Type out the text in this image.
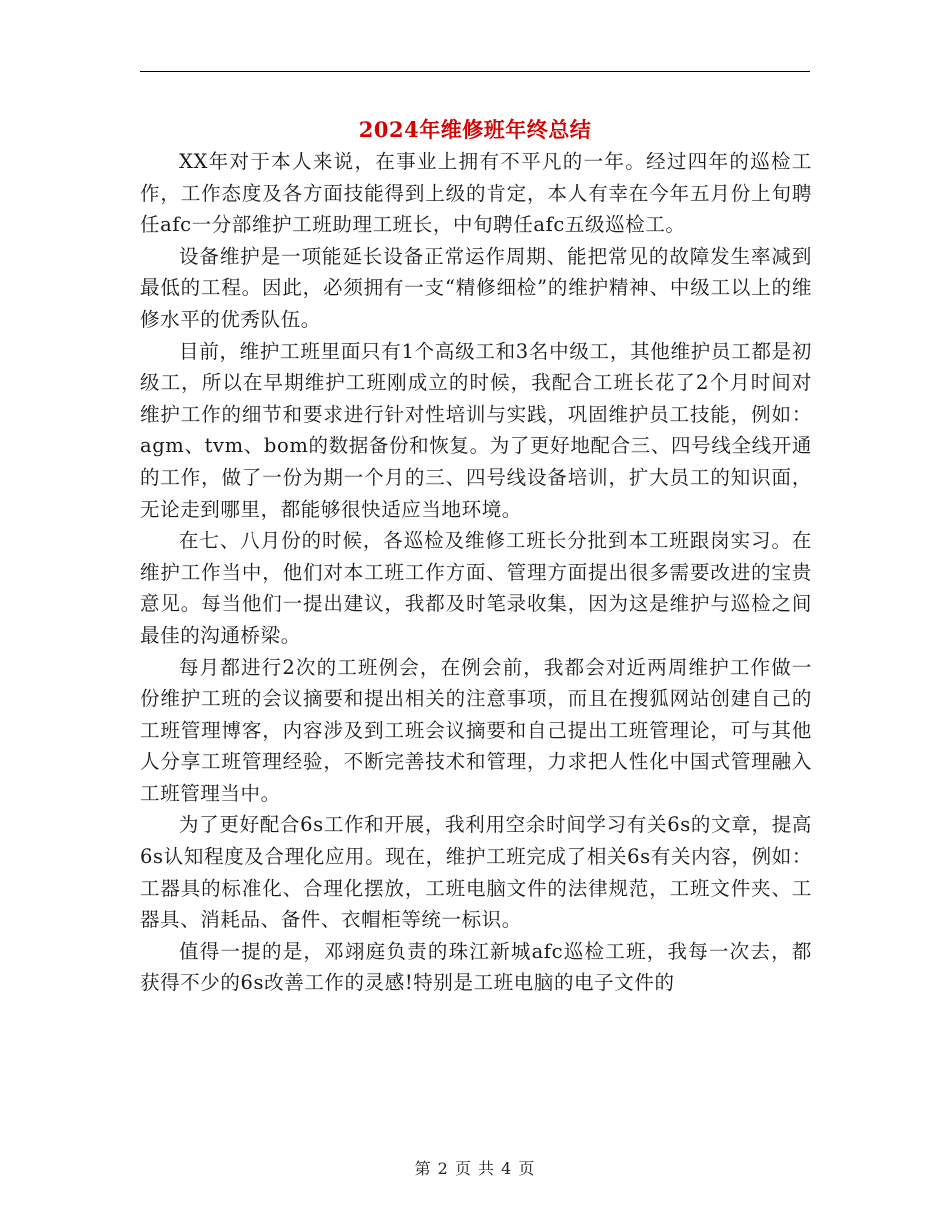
2024年维修班年终总结

XX年对于本人来说，在事业上拥有不平凡的一年。经过四年的巡检工作，工作态度及各方面技能得到上级的肯定，本人有幸在今年五月份上旬聘任afc一分部维护工班助理工班长，中旬聘任afc五级巡检工。

设备维护是一项能延长设备正常运作周期、能把常见的故障发生率减到最低的工程。因此，必须拥有一支“精修细检”的维护精神、中级工以上的维修水平的优秀队伍。

目前，维护工班里面只有1个高级工和3名中级工，其他维护员工都是初级工，所以在早期维护工班刚成立的时候，我配合工班长花了2个月时间对维护工作的细节和要求进行针对性培训与实践，巩固维护员工技能，例如：agm、tvm、bom的数据备份和恢复。为了更好地配合三、四号线全线开通的工作，做了一份为期一个月的三、四号线设备培训，扩大员工的知识面，无论走到哪里，都能够很快适应当地环境。

在七、八月份的时候，各巡检及维修工班长分批到本工班跟岗实习。在维护工作当中，他们对本工班工作方面、管理方面提出很多需要改进的宝贵意见。每当他们一提出建议，我都及时笔录收集，因为这是维护与巡检之间最佳的沟通桥梁。

每月都进行2次的工班例会，在例会前，我都会对近两周维护工作做一份维护工班的会议摘要和提出相关的注意事项，而且在搜狐网站创建自己的工班管理博客，内容涉及到工班会议摘要和自己提出工班管理论，可与其他人分享工班管理经验，不断完善技术和管理，力求把人性化中国式管理融入工班管理当中。

为了更好配合6s工作和开展，我利用空余时间学习有关6s的文章，提高6s认知程度及合理化应用。现在，维护工班完成了相关6s有关内容，例如：工器具的标准化、合理化摆放，工班电脑文件的法律规范，工班文件夹、工器具、消耗品、备件、衣帽柜等统一标识。

值得一提的是，邓翊庭负责的珠江新城afc巡检工班，我每一次去，都获得不少的6s改善工作的灵感!特别是工班电脑的电子文件的

第 2 页 共 4 页
